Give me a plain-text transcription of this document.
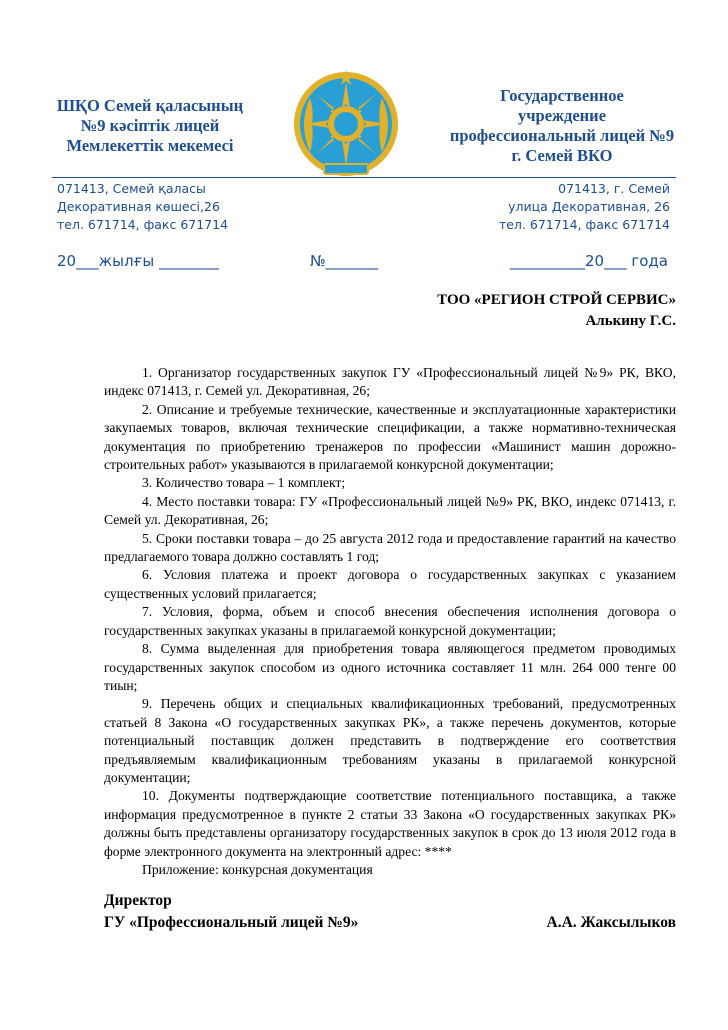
ШҚО Семей қаласының
№9 кәсіптік лицей
Мемлекеттік мекемесі
Государственное
учреждение
профессиональный лицей №9
г. Семей ВКО
071413, Семей қаласы
Декоративная көшесі,26
тел. 671714, факс 671714
071413, г. Семей
улица Декоративная, 26
тел. 671714, факс 671714
20___жылғы ________	№_______	__________20___ года
ТОО «РЕГИОН СТРОЙ СЕРВИС»
Алькину Г.С.

1. Организатор государственных закупок ГУ «Профессиональный лицей №9» РК, ВКО, индекс 071413, г. Семей ул. Декоративная, 26;

2. Описание и требуемые технические, качественные и эксплуатационные характеристики закупаемых товаров, включая технические спецификации, а также нормативно-техническая документация по приобретению тренажеров по профессии «Машинист машин дорожно-строительных работ» указываются в прилагаемой конкурсной документации;

3. Количество товара – 1 комплект;

4. Место поставки товара: ГУ «Профессиональный лицей №9» РК, ВКО, индекс 071413, г. Семей ул. Декоративная, 26;

5. Сроки поставки товара – до 25 августа 2012 года и предоставление гарантий на качество предлагаемого товара должно составлять 1 год;

6. Условия платежа и проект договора о государственных закупках с указанием существенных условий прилагается;

7. Условия, форма, объем и способ внесения обеспечения исполнения договора о государственных закупках указаны в прилагаемой конкурсной документации;

8. Сумма выделенная для приобретения товара являющегося предметом проводимых государственных закупок способом из одного источника составляет 11 млн. 264 000 тенге 00 тиын;

9. Перечень общих и специальных квалификационных требований, предусмотренных статьей 8 Закона «О государственных закупках РК», а также перечень документов, которые потенциальный поставщик должен представить в подтверждение его соответствия предъявляемым квалификационным требованиям указаны в прилагаемой конкурсной документации;

10. Документы подтверждающие соответствие потенциального поставщика, а также информация предусмотренное в пункте 2 статьи 33 Закона «О государственных закупках РК» должны быть представлены организатору государственных закупок в срок до 13 июля 2012 года в форме электронного документа на электронный адрес: ****

Приложение: конкурсная документация

Директор
ГУ «Профессиональный лицей №9»	А.А. Жаксылыков
